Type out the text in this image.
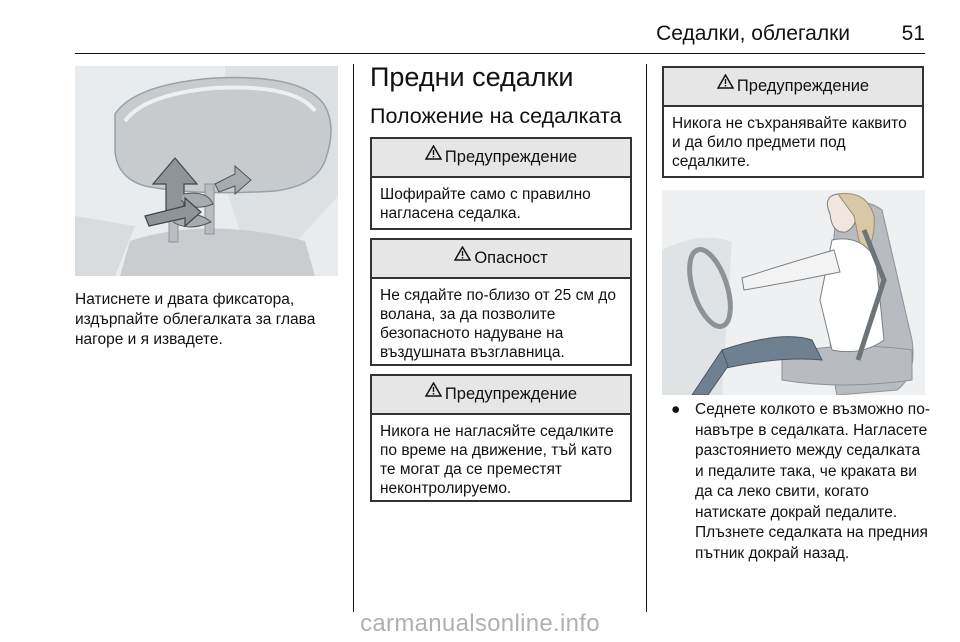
Седалки, облегалки	51
Натиснете и двата фиксатора, издърпайте облегалката за глава нагоре и я извадете.
Предни седалки
Положение на седалката
Предупреждение
Шофирайте само с правилно нагласена седалка.
Опасност
Не сядайте по-близо от 25 см до волана, за да позволите безопасното надуване на въздушната възглавница.
Предупреждение
Никога не нагласяйте седалките по време на движение, тъй като те могат да се преместят неконтролируемо.
Предупреждение
Никога не съхранявайте каквито и да било предмети под седалките.
● Седнете колкото е възможно по-навътре в седалката. Нагласете разстоянието между седалката и педалите така, че краката ви да са леко свити, когато натискате докрай педалите. Плъзнете седалката на предния пътник докрай назад.
carmanualsonline.info
